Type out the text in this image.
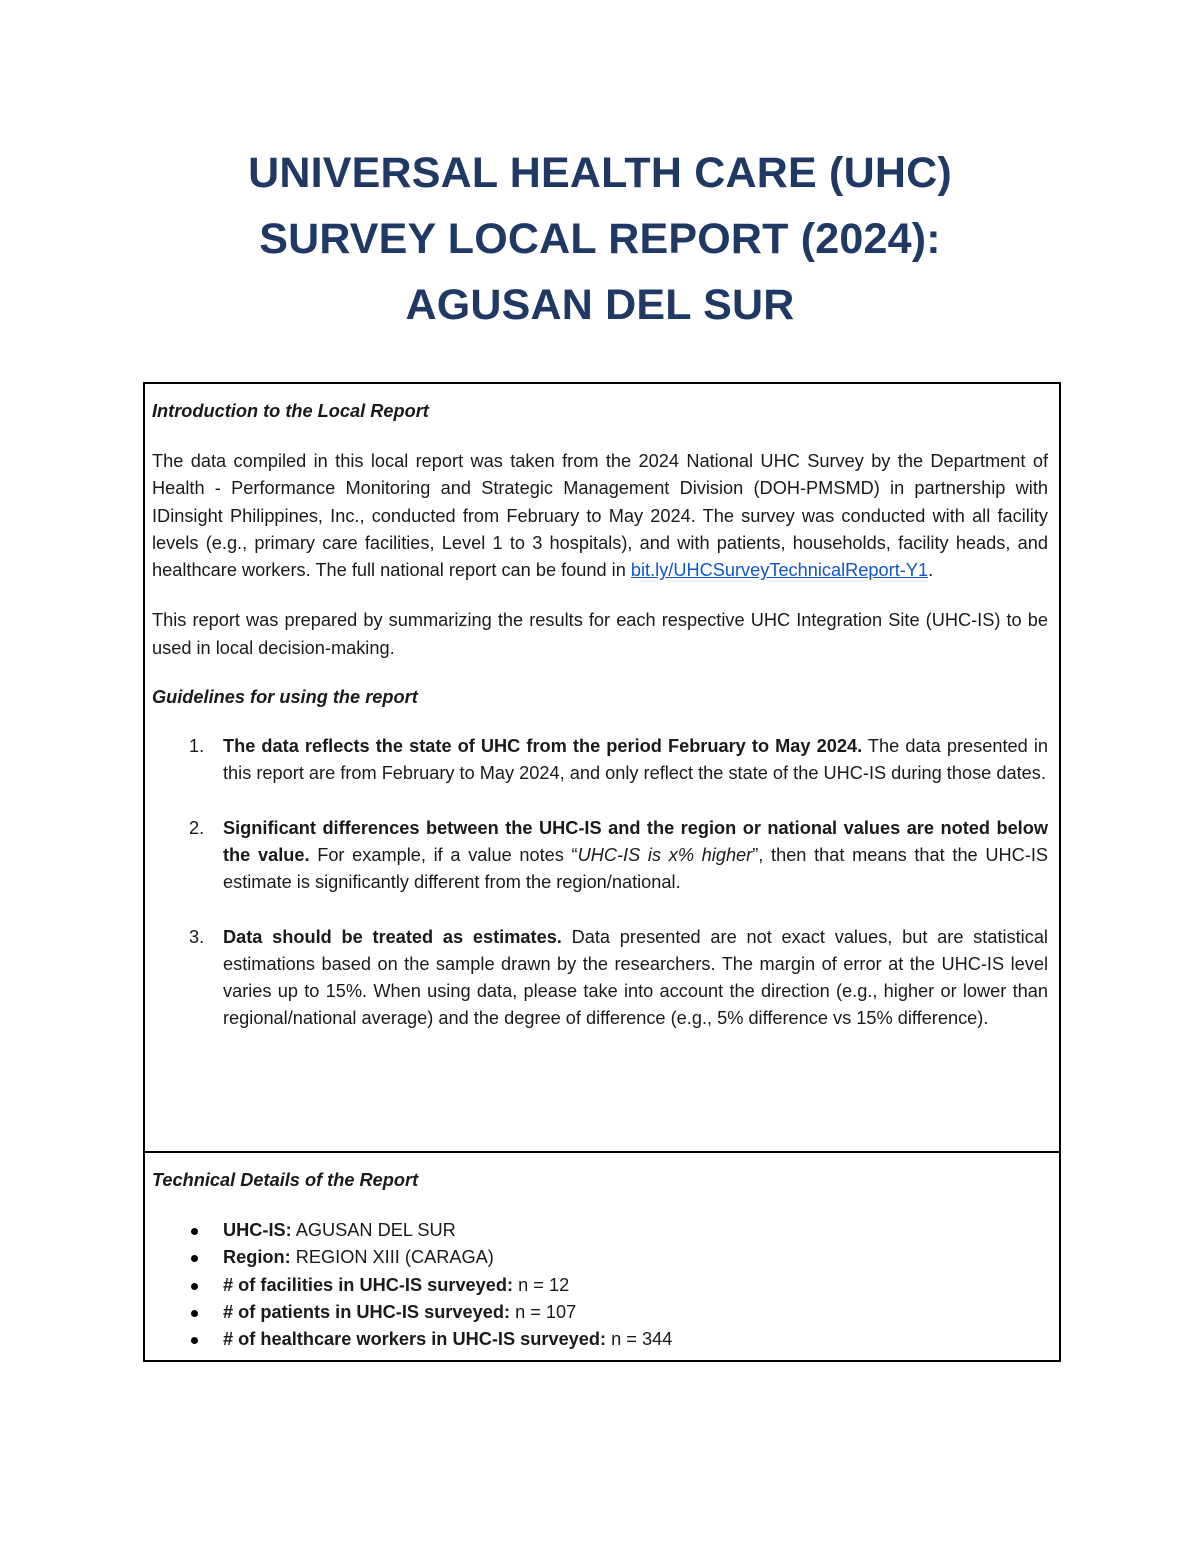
UNIVERSAL HEALTH CARE (UHC)
SURVEY LOCAL REPORT (2024):
AGUSAN DEL SUR

Introduction to the Local Report

The data compiled in this local report was taken from the 2024 National UHC Survey by the Department of Health - Performance Monitoring and Strategic Management Division (DOH-PMSMD) in partnership with IDinsight Philippines, Inc., conducted from February to May 2024. The survey was conducted with all facility levels (e.g., primary care facilities, Level 1 to 3 hospitals), and with patients, households, facility heads, and healthcare workers. The full national report can be found in bit.ly/UHCSurveyTechnicalReport-Y1.

This report was prepared by summarizing the results for each respective UHC Integration Site (UHC-IS) to be used in local decision-making.

Guidelines for using the report

1. The data reflects the state of UHC from the period February to May 2024. The data presented in this report are from February to May 2024, and only reflect the state of the UHC-IS during those dates.
2. Significant differences between the UHC-IS and the region or national values are noted below the value. For example, if a value notes “UHC-IS is x% higher”, then that means that the UHC-IS estimate is significantly different from the region/national.
3. Data should be treated as estimates. Data presented are not exact values, but are statistical estimations based on the sample drawn by the researchers. The margin of error at the UHC-IS level varies up to 15%. When using data, please take into account the direction (e.g., higher or lower than regional/national average) and the degree of difference (e.g., 5% difference vs 15% difference).

Technical Details of the Report

UHC-IS: AGUSAN DEL SUR
Region: REGION XIII (CARAGA)
# of facilities in UHC-IS surveyed: n = 12
# of patients in UHC-IS surveyed: n = 107
# of healthcare workers in UHC-IS surveyed: n = 344
